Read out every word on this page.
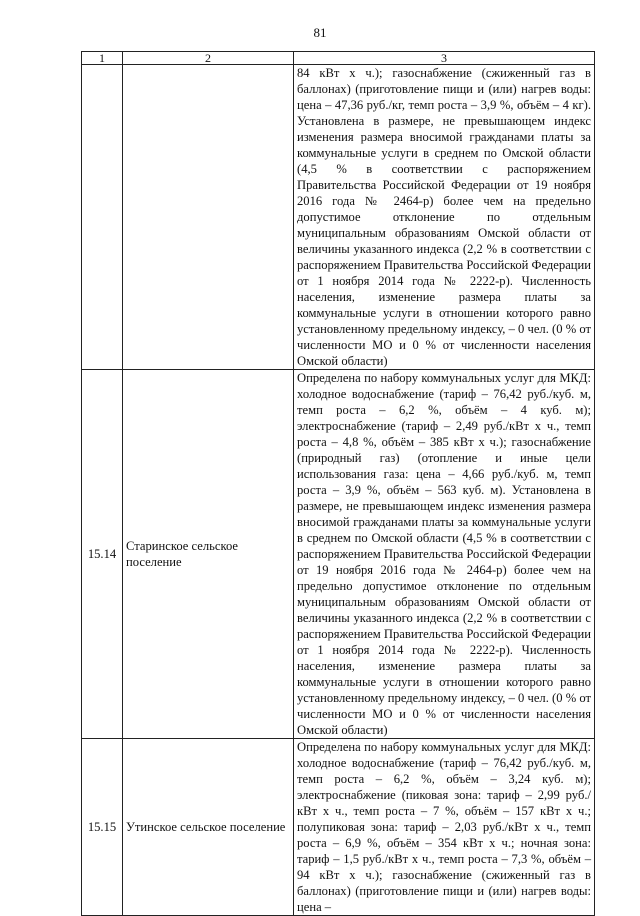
81
1	2	3
		84 кВт х ч.); газоснабжение (сжиженный газ в баллонах) (приготовление пищи и (или) нагрев воды: цена – 47,36 руб./кг, темп роста – 3,9 %, объём – 4 кг). Установлена в размере, не превышающем индекс изменения размера вносимой гражданами платы за коммунальные услуги в среднем по Омской области (4,5 % в соответствии с распоряжением Правительства Российской Федерации от 19 ноября 2016 года № 2464-р) более чем на предельно допустимое отклонение по отдельным муниципальным образованиям Омской области от величины указанного индекса (2,2 % в соответствии с распоряжением Правительства Российской Федерации от 1 ноября 2014 года № 2222-р). Численность населения, изменение размера платы за коммунальные услуги в отношении которого равно установленному предельному индексу, – 0 чел. (0 % от численности МО и 0 % от численности населения Омской области)
15.14	Старинское сельское поселение	Определена по набору коммунальных услуг для МКД: холодное водоснабжение (тариф – 76,42 руб./куб. м, темп роста – 6,2 %, объём – 4 куб. м); электроснабжение (тариф – 2,49 руб./кВт х ч., темп роста – 4,8 %, объём – 385 кВт х ч.); газоснабжение (природный газ) (отопление и иные цели использования газа: цена – 4,66 руб./куб. м, темп роста – 3,9 %, объём – 563 куб. м). Установлена в размере, не превышающем индекс изменения размера вносимой гражданами платы за коммунальные услуги в среднем по Омской области (4,5 % в соответствии с распоряжением Правительства Российской Федерации от 19 ноября 2016 года № 2464-р) более чем на предельно допустимое отклонение по отдельным муниципальным образованиям Омской области от величины указанного индекса (2,2 % в соответствии с распоряжением Правительства Российской Федерации от 1 ноября 2014 года № 2222-р). Численность населения, изменение размера платы за коммунальные услуги в отношении которого равно установленному предельному индексу, – 0 чел. (0 % от численности МО и 0 % от численности населения Омской области)
15.15	Утинское сельское поселение	Определена по набору коммунальных услуг для МКД: холодное водоснабжение (тариф – 76,42 руб./куб. м, темп роста – 6,2 %, объём – 3,24 куб. м); электроснабжение (пиковая зона: тариф – 2,99 руб./кВт х ч., темп роста – 7 %, объём – 157 кВт х ч.; полупиковая зона: тариф – 2,03 руб./кВт х ч., темп роста – 6,9 %, объём – 354 кВт х ч.; ночная зона: тариф – 1,5 руб./кВт х ч., темп роста – 7,3 %, объём – 94 кВт х ч.); газоснабжение (сжиженный газ в баллонах) (приготовление пищи и (или) нагрев воды: цена –
